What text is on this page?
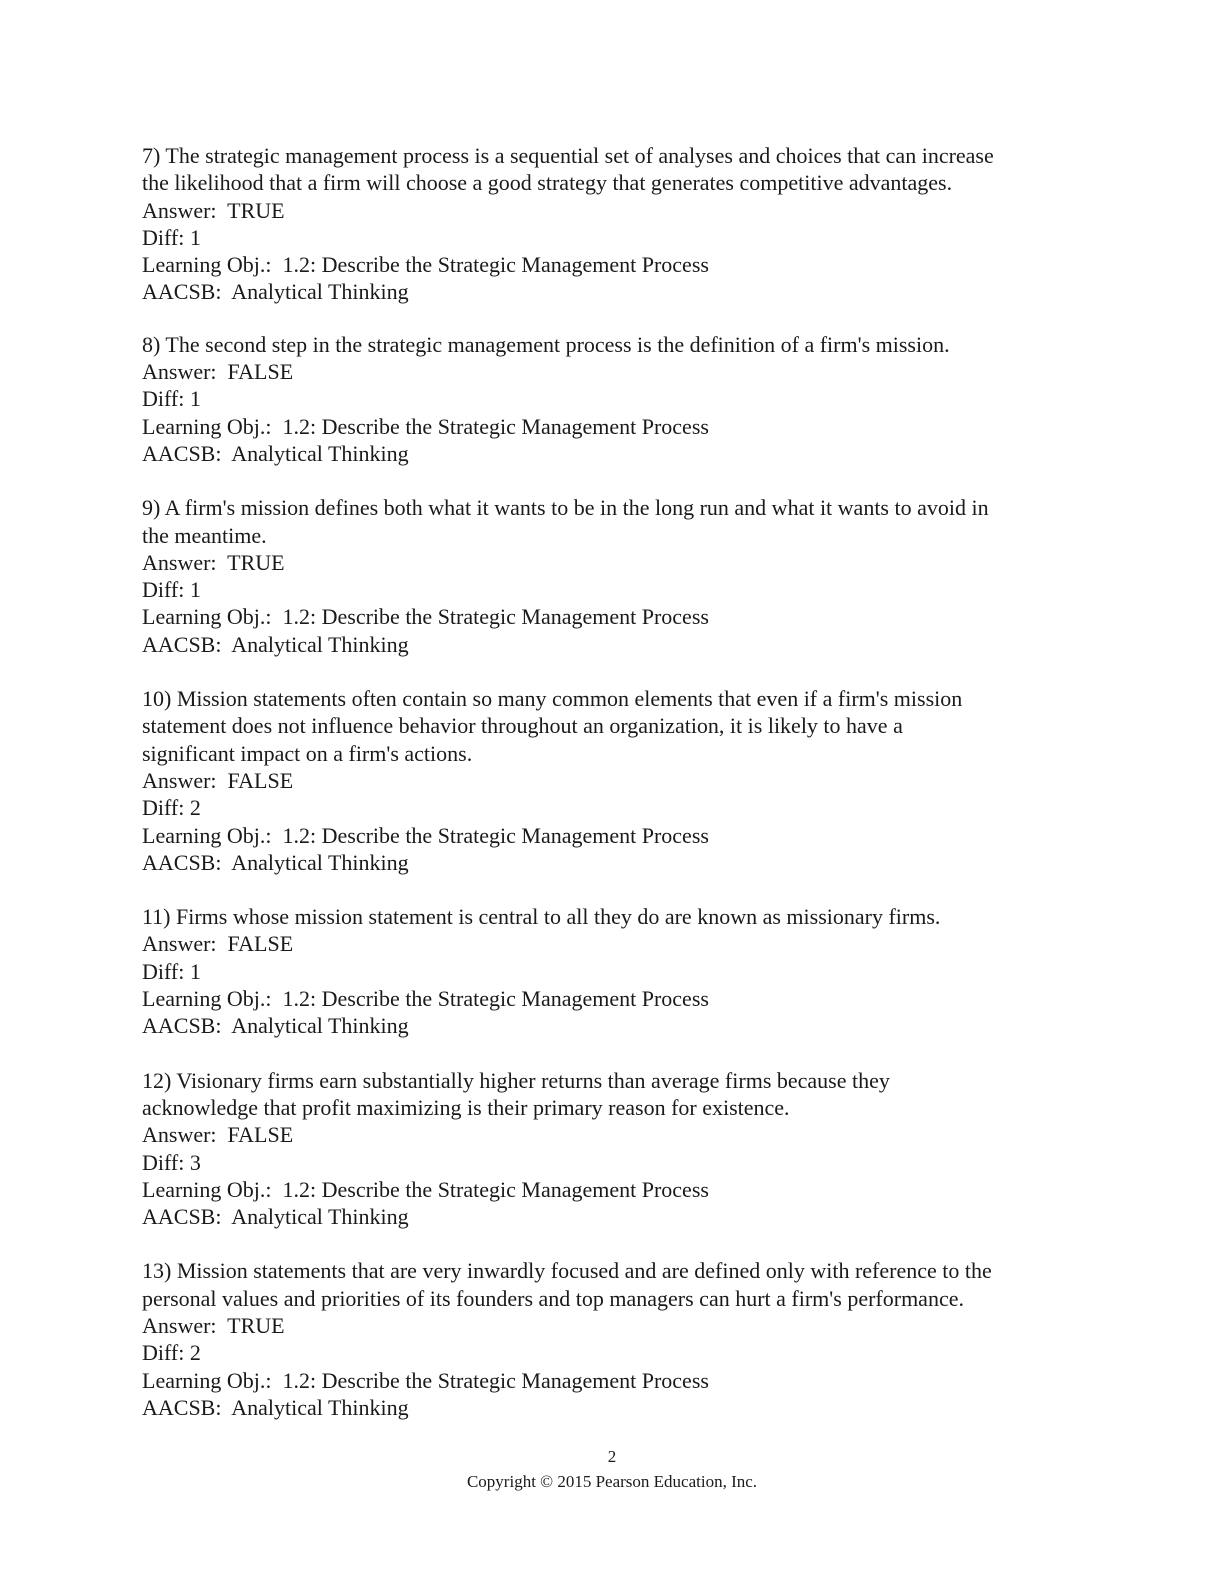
7) The strategic management process is a sequential set of analyses and choices that can increase

the likelihood that a firm will choose a good strategy that generates competitive advantages.

Answer:  TRUE

Diff: 1

Learning Obj.:  1.2: Describe the Strategic Management Process

AACSB:  Analytical Thinking

8) The second step in the strategic management process is the definition of a firm's mission.

Answer:  FALSE

Diff: 1

Learning Obj.:  1.2: Describe the Strategic Management Process

AACSB:  Analytical Thinking

9) A firm's mission defines both what it wants to be in the long run and what it wants to avoid in

the meantime.

Answer:  TRUE

Diff: 1

Learning Obj.:  1.2: Describe the Strategic Management Process

AACSB:  Analytical Thinking

10) Mission statements often contain so many common elements that even if a firm's mission

statement does not influence behavior throughout an organization, it is likely to have a

significant impact on a firm's actions.

Answer:  FALSE

Diff: 2

Learning Obj.:  1.2: Describe the Strategic Management Process

AACSB:  Analytical Thinking

11) Firms whose mission statement is central to all they do are known as missionary firms.

Answer:  FALSE

Diff: 1

Learning Obj.:  1.2: Describe the Strategic Management Process

AACSB:  Analytical Thinking

12) Visionary firms earn substantially higher returns than average firms because they

acknowledge that profit maximizing is their primary reason for existence.

Answer:  FALSE

Diff: 3

Learning Obj.:  1.2: Describe the Strategic Management Process

AACSB:  Analytical Thinking

13) Mission statements that are very inwardly focused and are defined only with reference to the

personal values and priorities of its founders and top managers can hurt a firm's performance.

Answer:  TRUE

Diff: 2

Learning Obj.:  1.2: Describe the Strategic Management Process

AACSB:  Analytical Thinking

2
Copyright © 2015 Pearson Education, Inc.
